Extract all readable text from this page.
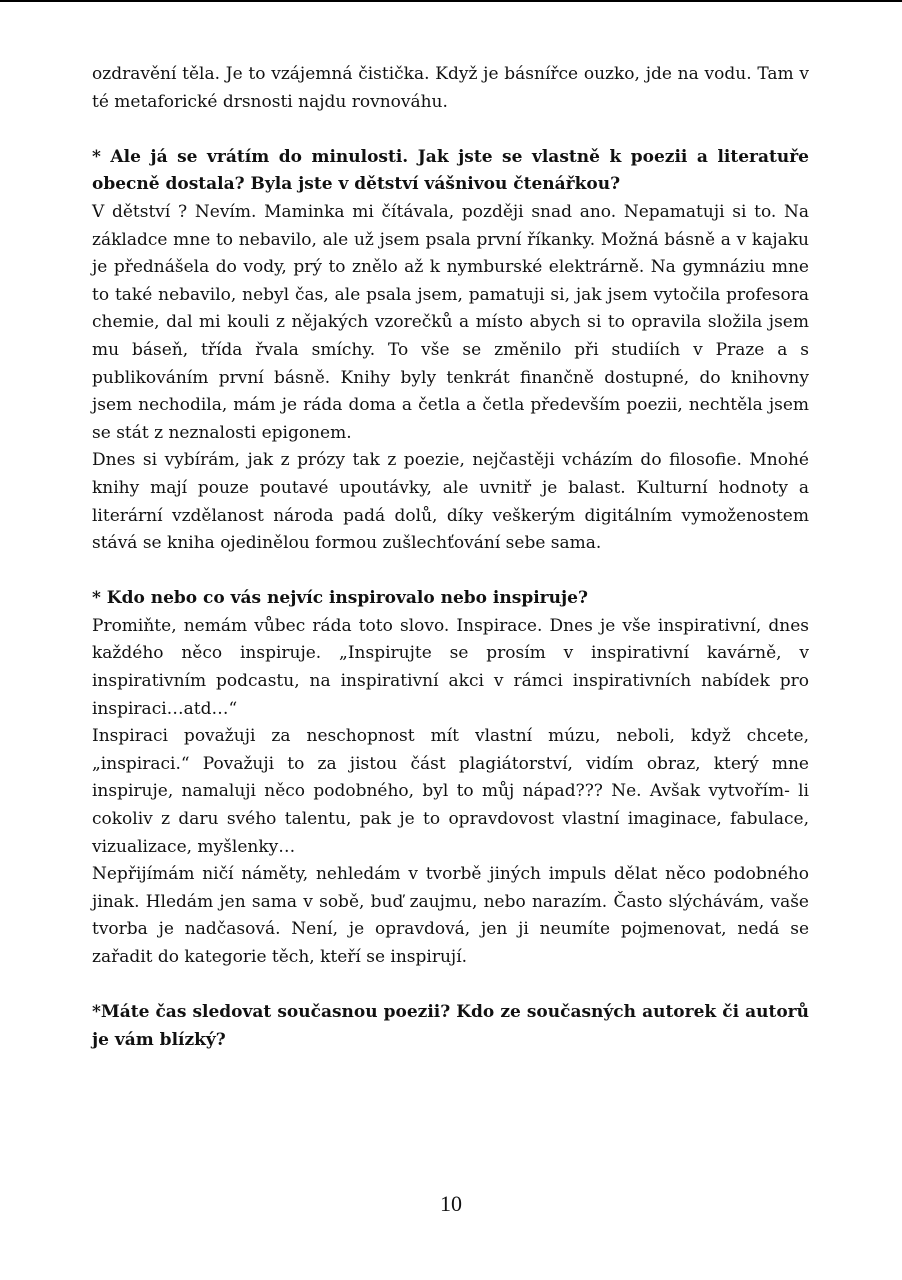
ozdravění těla. Je to vzájemná čistička. Když je básnířce ouzko, jde na vodu. Tam v té metaforické drsnosti najdu rovnováhu.

* Ale já se vrátím do minulosti. Jak jste se vlastně k poezii a literatuře obecně dostala? Byla jste v dětství vášnivou čtenářkou?

V dětství ? Nevím. Maminka mi čítávala, později snad ano. Nepamatuji si to. Na základce mne to nebavilo, ale už jsem psala první říkanky. Možná básně a v kajaku je přednášela do vody, prý to znělo až k nymburské elektrárně. Na gymnáziu mne to také nebavilo, nebyl čas, ale psala jsem, pamatuji si, jak jsem vytočila profesora chemie, dal mi kouli z nějakých vzorečků a místo abych si to opravila složila jsem mu báseň, třída řvala smíchy. To vše se změnilo při studiích v Praze a s publikováním první básně. Knihy byly tenkrát finančně dostupné, do knihovny jsem nechodila, mám je ráda doma a četla a četla především poezii, nechtěla jsem se stát z neznalosti epigonem.

Dnes si vybírám, jak z prózy tak z poezie, nejčastěji vcházím do filosofie. Mnohé knihy mají pouze poutavé upoutávky, ale uvnitř je balast. Kulturní hodnoty a literární vzdělanost národa padá dolů, díky veškerým digitálním vymoženostem stává se kniha ojedinělou formou zušlechťování sebe sama.

* Kdo nebo co vás nejvíc inspirovalo nebo inspiruje?

Promiňte, nemám vůbec ráda toto slovo. Inspirace. Dnes je vše inspirativní, dnes každého něco inspiruje. „Inspirujte se prosím v inspirativní kavárně, v inspirativním podcastu, na inspirativní akci v rámci inspirativních nabídek pro inspiraci…atd…“

Inspiraci považuji za neschopnost mít vlastní múzu, neboli, když chcete, „inspiraci.“ Považuji to za jistou část plagiátorství, vidím obraz, který mne inspiruje, namaluji něco podobného, byl to můj nápad??? Ne. Avšak vytvořím- li cokoliv z daru svého talentu, pak je to opravdovost vlastní imaginace, fabulace, vizualizace, myšlenky…

Nepřijímám ničí náměty, nehledám v tvorbě jiných impuls dělat něco podobného jinak. Hledám jen sama v sobě, buď zaujmu, nebo narazím. Často slýchávám, vaše tvorba je nadčasová. Není, je opravdová, jen ji neumíte pojmenovat, nedá se zařadit do kategorie těch, kteří se inspirují.

*Máte čas sledovat současnou poezii? Kdo ze současných autorek či autorů je vám blízký?

10
